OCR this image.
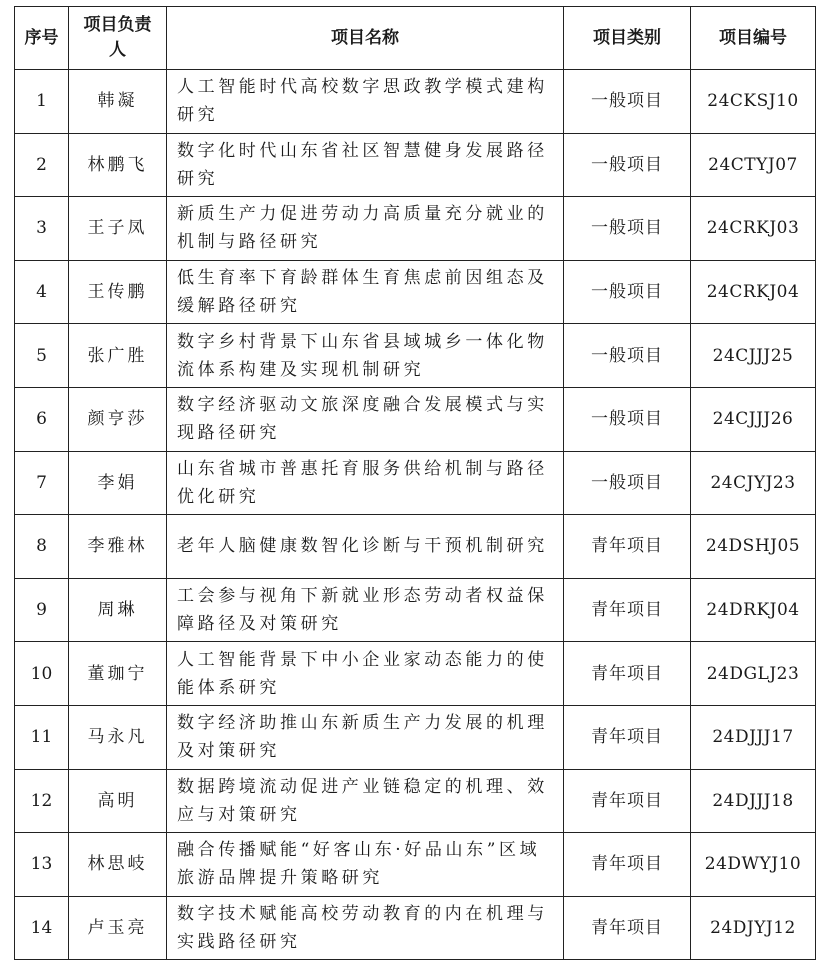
序号	项目负责人	项目名称	项目类别	项目编号
1	韩凝	人工智能时代高校数字思政教学模式建构研究	一般项目	24CKSJ10
2	林鹏飞	数字化时代山东省社区智慧健身发展路径研究	一般项目	24CTYJ07
3	王子凤	新质生产力促进劳动力高质量充分就业的机制与路径研究	一般项目	24CRKJ03
4	王传鹏	低生育率下育龄群体生育焦虑前因组态及缓解路径研究	一般项目	24CRKJ04
5	张广胜	数字乡村背景下山东省县域城乡一体化物流体系构建及实现机制研究	一般项目	24CJJJ25
6	颜亨莎	数字经济驱动文旅深度融合发展模式与实现路径研究	一般项目	24CJJJ26
7	李娟	山东省城市普惠托育服务供给机制与路径优化研究	一般项目	24CJYJ23
8	李雅林	老年人脑健康数智化诊断与干预机制研究	青年项目	24DSHJ05
9	周琳	工会参与视角下新就业形态劳动者权益保障路径及对策研究	青年项目	24DRKJ04
10	董珈宁	人工智能背景下中小企业家动态能力的使能体系研究	青年项目	24DGLJ23
11	马永凡	数字经济助推山东新质生产力发展的机理及对策研究	青年项目	24DJJJ17
12	高明	数据跨境流动促进产业链稳定的机理、效应与对策研究	青年项目	24DJJJ18
13	林思岐	融合传播赋能“好客山东·好品山东”区域旅游品牌提升策略研究	青年项目	24DWYJ10
14	卢玉亮	数字技术赋能高校劳动教育的内在机理与实践路径研究	青年项目	24DJYJ12
